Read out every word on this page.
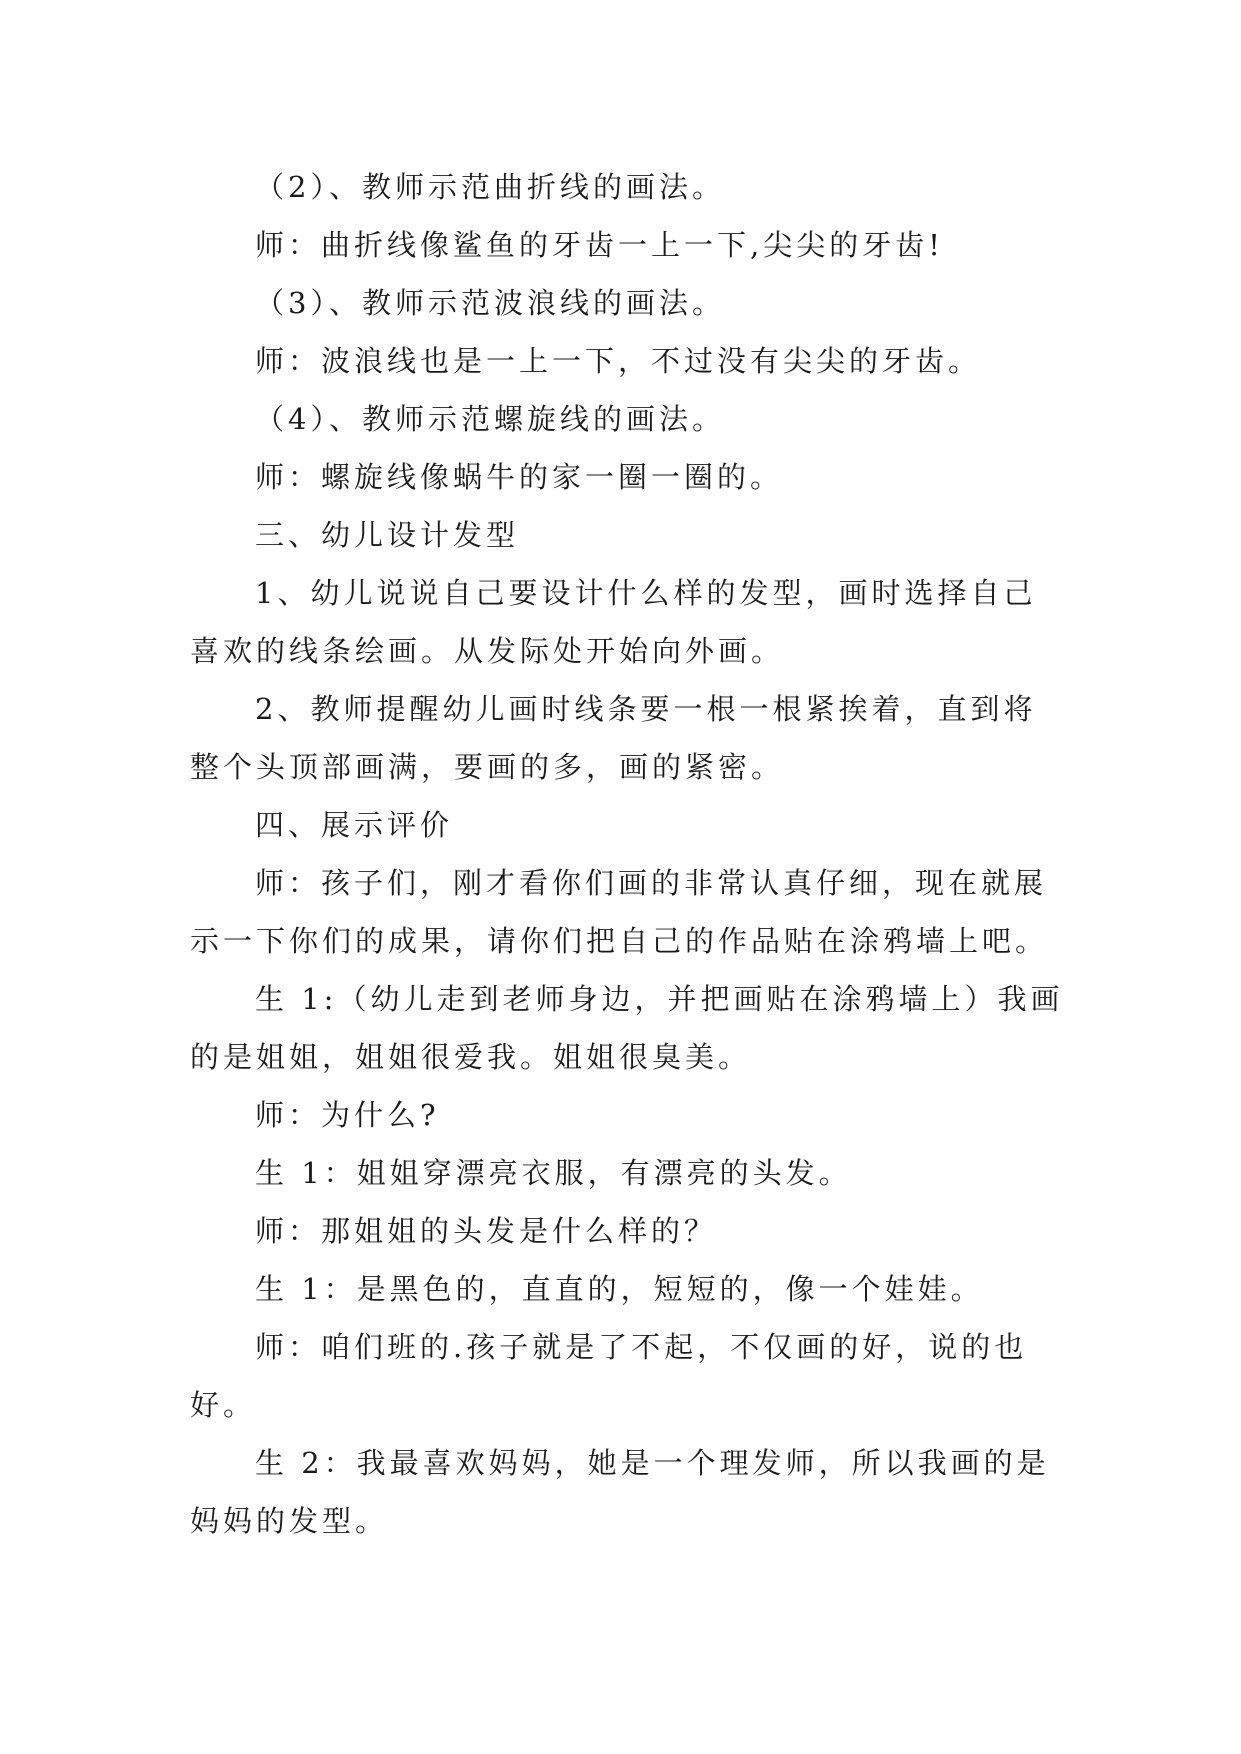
（2）、教师示范曲折线的画法。
师：曲折线像鲨鱼的牙齿一上一下,尖尖的牙齿!
（3）、教师示范波浪线的画法。
师：波浪线也是一上一下，不过没有尖尖的牙齿。
（4）、教师示范螺旋线的画法。
师：螺旋线像蜗牛的家一圈一圈的。
三、幼儿设计发型
1、幼儿说说自己要设计什么样的发型，画时选择自己
喜欢的线条绘画。从发际处开始向外画。
2、教师提醒幼儿画时线条要一根一根紧挨着，直到将
整个头顶部画满，要画的多，画的紧密。
四、展示评价
师：孩子们，刚才看你们画的非常认真仔细，现在就展
示一下你们的成果，请你们把自己的作品贴在涂鸦墙上吧。
生 1:（幼儿走到老师身边，并把画贴在涂鸦墙上）我画
的是姐姐，姐姐很爱我。姐姐很臭美。
师：为什么?
生 1：姐姐穿漂亮衣服，有漂亮的头发。
师：那姐姐的头发是什么样的？
生 1：是黑色的，直直的，短短的，像一个娃娃。
师：咱们班的.孩子就是了不起，不仅画的好，说的也
好。
生 2：我最喜欢妈妈，她是一个理发师，所以我画的是
妈妈的发型。
